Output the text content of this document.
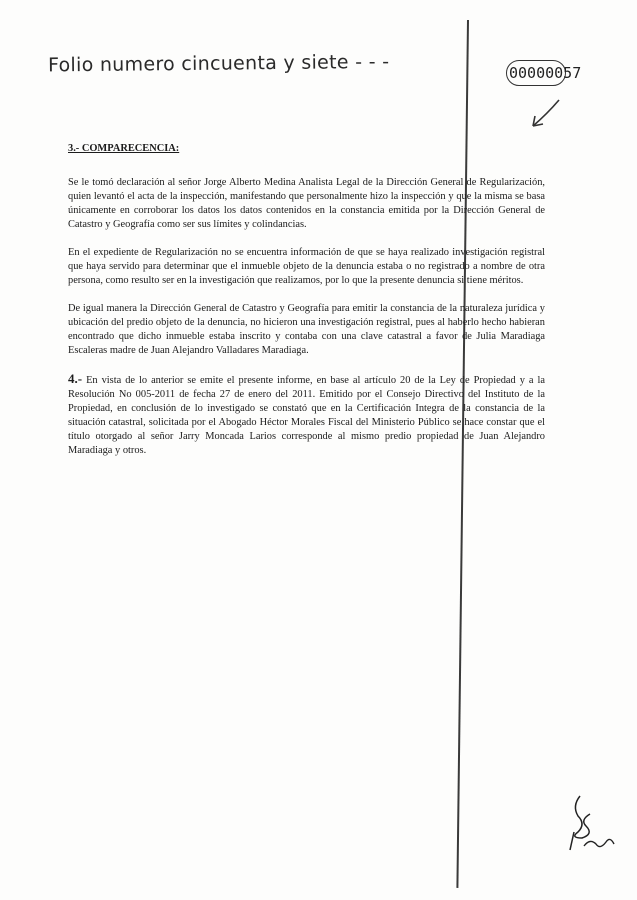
Folio numero cincuenta y siete - - -	00000057
3.- COMPARECENCIA:

Se le tomó declaración al señor Jorge Alberto Medina Analista Legal de la Dirección General de Regularización, quien levantó el acta de la inspección, manifestando que personalmente hizo la inspección y que la misma se basa únicamente en corroborar los datos los datos contenidos en la constancia emitida por la Dirección General de Catastro y Geografía como ser sus límites y colindancias.

En el expediente de Regularización no se encuentra información de que se haya realizado investigación registral que haya servido para determinar que el inmueble objeto de la denuncia estaba o no registrado a nombre de otra persona, como resulto ser en la investigación que realizamos, por lo que la presente denuncia si tiene méritos.

De igual manera la Dirección General de Catastro y Geografía para emitir la constancia de la naturaleza jurídica y ubicación del predio objeto de la denuncia, no hicieron una investigación registral, pues al haberlo hecho habieran encontrado que dicho inmueble estaba inscrito y contaba con una clave catastral a favor de Julia Maradiaga Escaleras madre de Juan Alejandro Valladares Maradiaga.

4.- En vista de lo anterior se emite el presente informe, en base al artículo 20 de la Ley de Propiedad y a la Resolución No 005-2011 de fecha 27 de enero del 2011. Emitido por el Consejo Directivo del Instituto de la Propiedad, en conclusión de lo investigado se constató que en la Certificación Integra de la constancia de la situación catastral, solicitada por el Abogado Héctor Morales Fiscal del Ministerio Público se hace constar que el título otorgado al señor Jarry Moncada Larios corresponde al mismo predio propiedad de Juan Alejandro Maradiaga y otros.
